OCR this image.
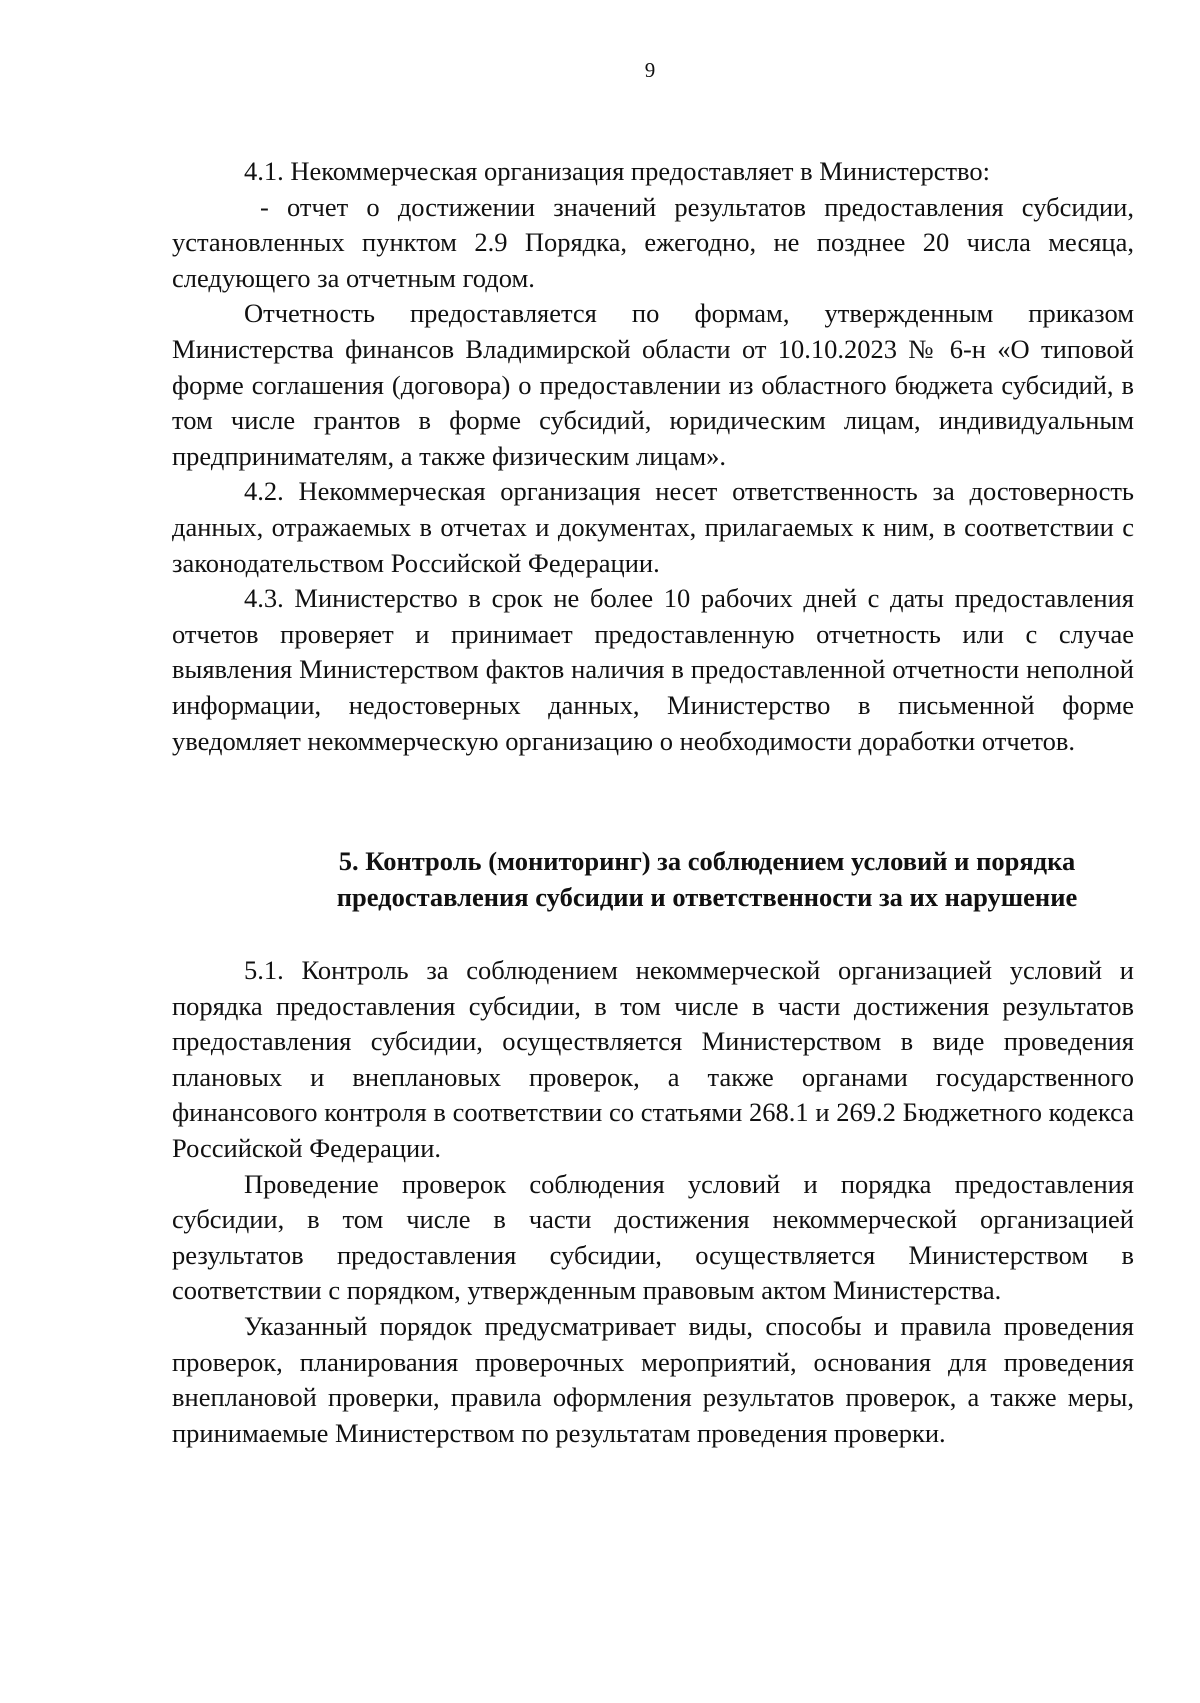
9

4.1. Некоммерческая организация предоставляет в Министерство:

- отчет о достижении значений результатов предоставления субсидии, установленных пунктом 2.9 Порядка, ежегодно, не позднее 20 числа месяца, следующего за отчетным годом.

Отчетность предоставляется по формам, утвержденным приказом Министерства финансов Владимирской области от 10.10.2023 № 6-н «О типовой форме соглашения (договора) о предоставлении из областного бюджета субсидий, в том числе грантов в форме субсидий, юридическим лицам, индивидуальным предпринимателям, а также физическим лицам».

4.2. Некоммерческая организация несет ответственность за достоверность данных, отражаемых в отчетах и документах, прилагаемых к ним, в соответствии с законодательством Российской Федерации.

4.3. Министерство в срок не более 10 рабочих дней с даты предоставления отчетов проверяет и принимает предоставленную отчетность или с случае выявления Министерством фактов наличия в предоставленной отчетности неполной информации, недостоверных данных, Министерство в письменной форме уведомляет некоммерческую организацию о необходимости доработки отчетов.

5. Контроль (мониторинг) за соблюдением условий и порядка

предоставления субсидии и ответственности за их нарушение

5.1. Контроль за соблюдением некоммерческой организацией условий и порядка предоставления субсидии, в том числе в части достижения результатов предоставления субсидии, осуществляется Министерством в виде проведения плановых и внеплановых проверок, а также органами государственного финансового контроля в соответствии со статьями 268.1 и 269.2 Бюджетного кодекса Российской Федерации.

Проведение проверок соблюдения условий и порядка предоставления субсидии, в том числе в части достижения некоммерческой организацией результатов предоставления субсидии, осуществляется Министерством в соответствии с порядком, утвержденным правовым актом Министерства.

Указанный порядок предусматривает виды, способы и правила проведения проверок, планирования проверочных мероприятий, основания для проведения внеплановой проверки, правила оформления результатов проверок, а также меры, принимаемые Министерством по результатам проведения проверки.
